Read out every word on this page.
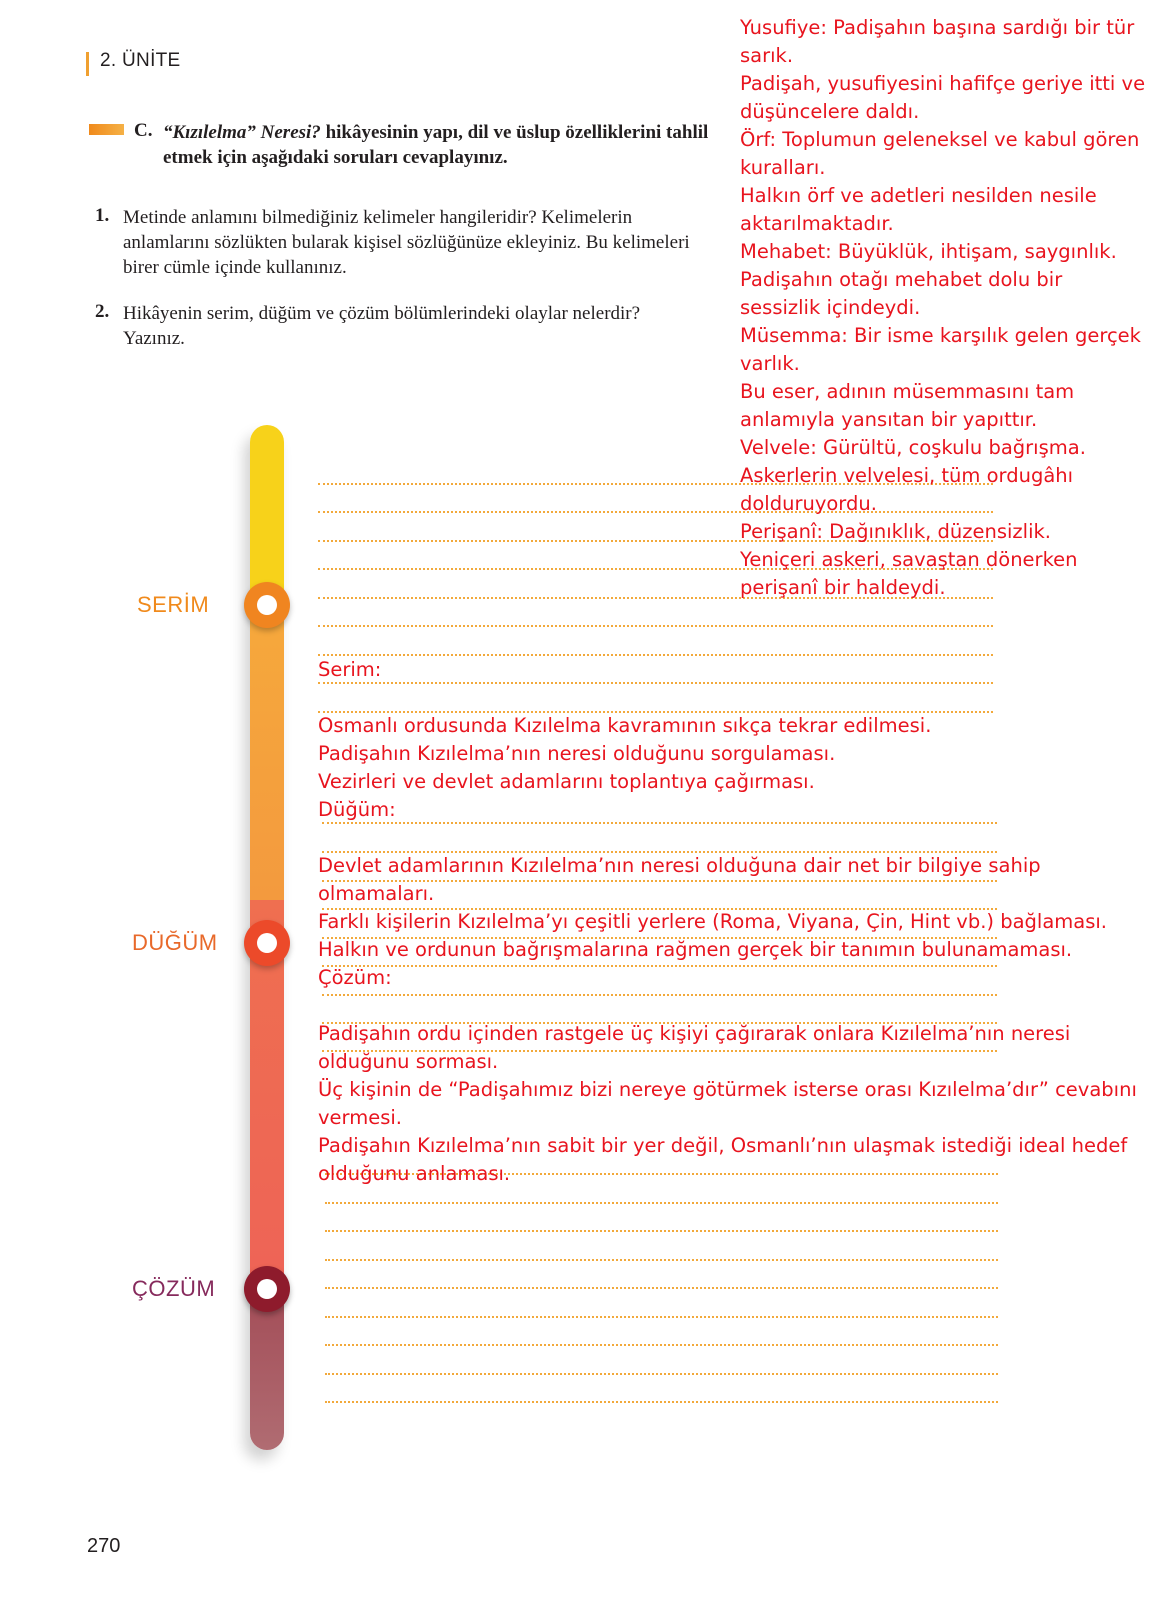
2. ÜNİTE
C. “Kızılelma” Neresi? hikâyesinin yapı, dil ve üslup özelliklerini tahlil etmek için aşağıdaki soruları cevaplayınız.
1. Metinde anlamını bilmediğiniz kelimeler hangileridir? Kelimelerin anlamlarını sözlükten bularak kişisel sözlüğünüze ekleyiniz. Bu kelimeleri birer cümle içinde kullanınız.
2. Hikâyenin serim, düğüm ve çözüm bölümlerindeki olaylar nelerdir? Yazınız.
SERİM
DÜĞÜM
ÇÖZÜM
Yusufiye: Padişahın başına sardığı bir tür
sarık.
Padişah, yusufiyesini hafifçe geriye itti ve
düşüncelere daldı.
Örf: Toplumun geleneksel ve kabul gören
kuralları.
Halkın örf ve adetleri nesilden nesile
aktarılmaktadır.
Mehabet: Büyüklük, ihtişam, saygınlık.
Padişahın otağı mehabet dolu bir
sessizlik içindeydi.
Müsemma: Bir isme karşılık gelen gerçek
varlık.
Bu eser, adının müsemmasını tam
anlamıyla yansıtan bir yapıttır.
Velvele: Gürültü, coşkulu bağrışma.
Askerlerin velvelesi, tüm ordugâhı
dolduruyordu.
Perişanî: Dağınıklık, düzensizlik.
Yeniçeri askeri, savaştan dönerken
perişanî bir haldeydi.
Serim:

Osmanlı ordusunda Kızılelma kavramının sıkça tekrar edilmesi.
Padişahın Kızılelma’nın neresi olduğunu sorgulaması.
Vezirleri ve devlet adamlarını toplantıya çağırması.
Düğüm:

Devlet adamlarının Kızılelma’nın neresi olduğuna dair net bir bilgiye sahip
olmamaları.
Farklı kişilerin Kızılelma’yı çeşitli yerlere (Roma, Viyana, Çin, Hint vb.) bağlaması.
Halkın ve ordunun bağrışmalarına rağmen gerçek bir tanımın bulunamaması.
Çözüm:

Padişahın ordu içinden rastgele üç kişiyi çağırarak onlara Kızılelma’nın neresi
olduğunu sorması.
Üç kişinin de “Padişahımız bizi nereye götürmek isterse orası Kızılelma’dır” cevabını
vermesi.
Padişahın Kızılelma’nın sabit bir yer değil, Osmanlı’nın ulaşmak istediği ideal hedef
olduğunu anlaması.
270
